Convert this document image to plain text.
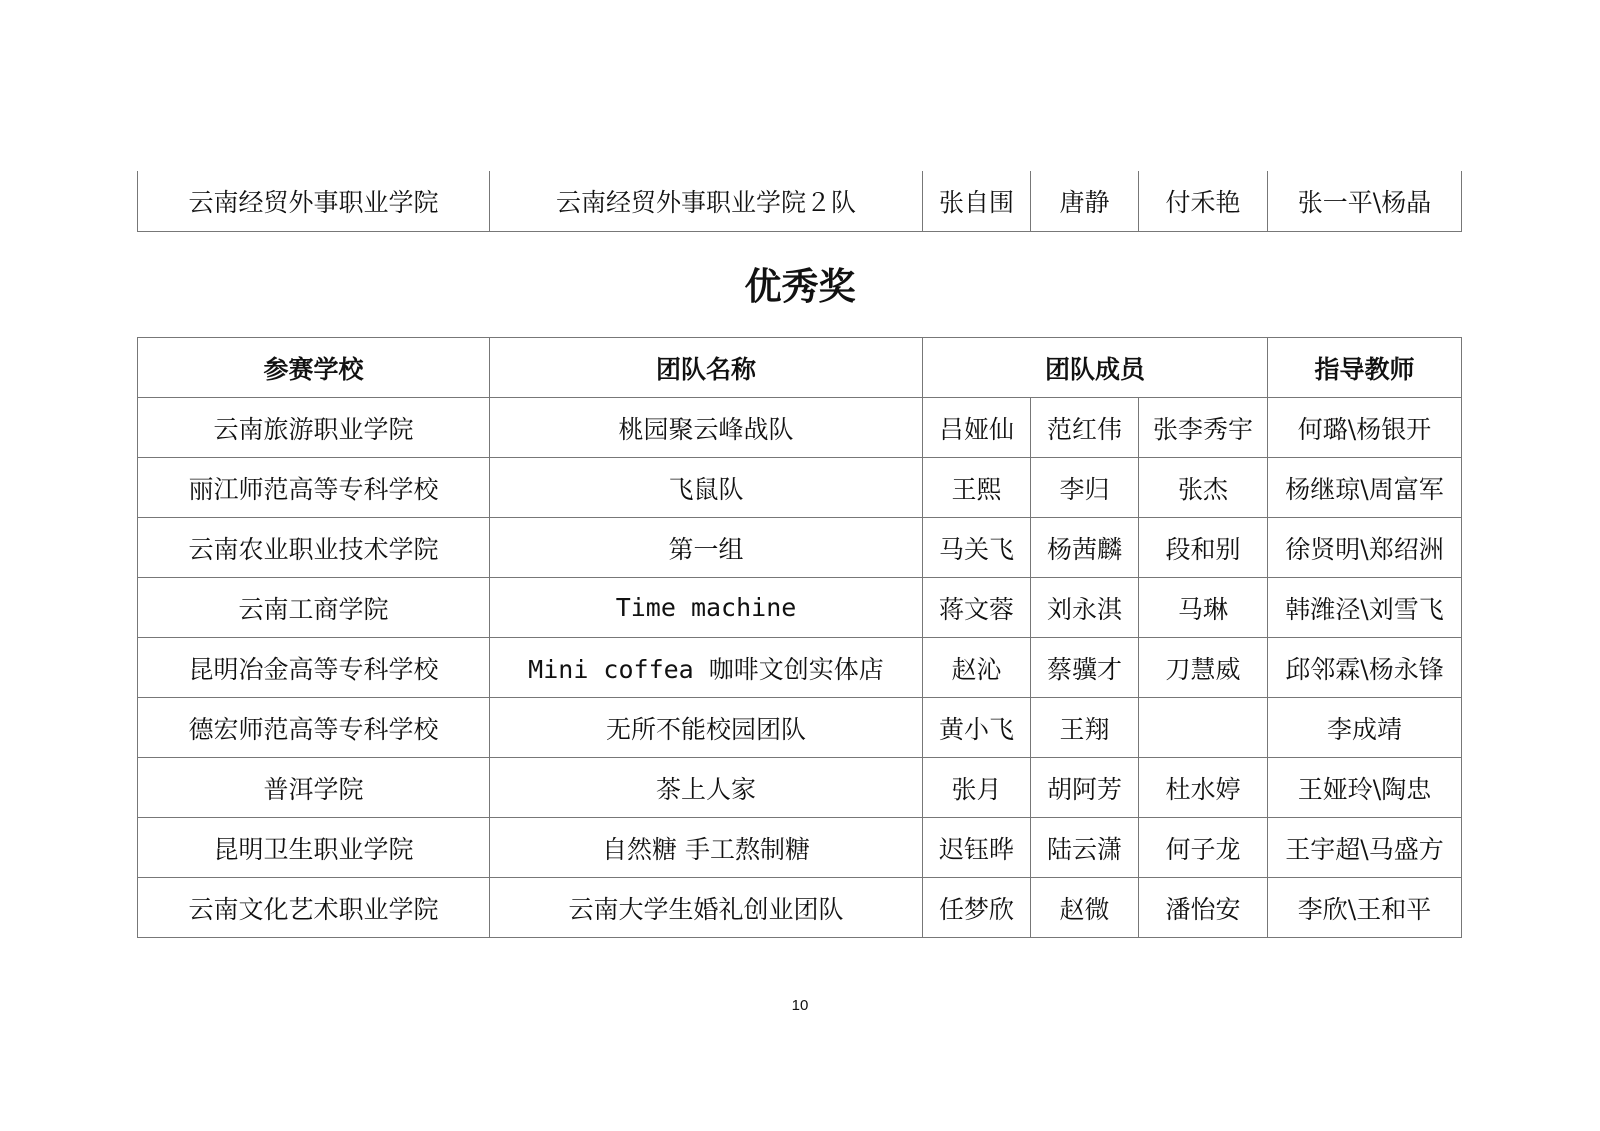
云南经贸外事职业学院	云南经贸外事职业学院２队	张自围	唐静	付禾艳	张一平\杨晶
优秀奖
参赛学校	团队名称	团队成员			指导教师
云南旅游职业学院	桃园聚云峰战队	吕娅仙	范红伟	张李秀宇	何璐\杨银开
丽江师范高等专科学校	飞鼠队	王熙	李归	张杰	杨继琼\周富军
云南农业职业技术学院	第一组	马关飞	杨茜麟	段和别	徐贤明\郑绍洲
云南工商学院	Time machine	蒋文蓉	刘永淇	马琳	韩潍泾\刘雪飞
昆明冶金高等专科学校	Mini coffea 咖啡文创实体店	赵沁	蔡骥才	刀慧威	邱邻霖\杨永锋
德宏师范高等专科学校	无所不能校园团队	黄小飞	王翔		李成靖
普洱学院	茶上人家	张月	胡阿芳	杜水婷	王娅玲\陶忠
昆明卫生职业学院	自然糖 手工熬制糖	迟钰晔	陆云潇	何子龙	王宇超\马盛方
云南文化艺术职业学院	云南大学生婚礼创业团队	任梦欣	赵微	潘怡安	李欣\王和平
10
